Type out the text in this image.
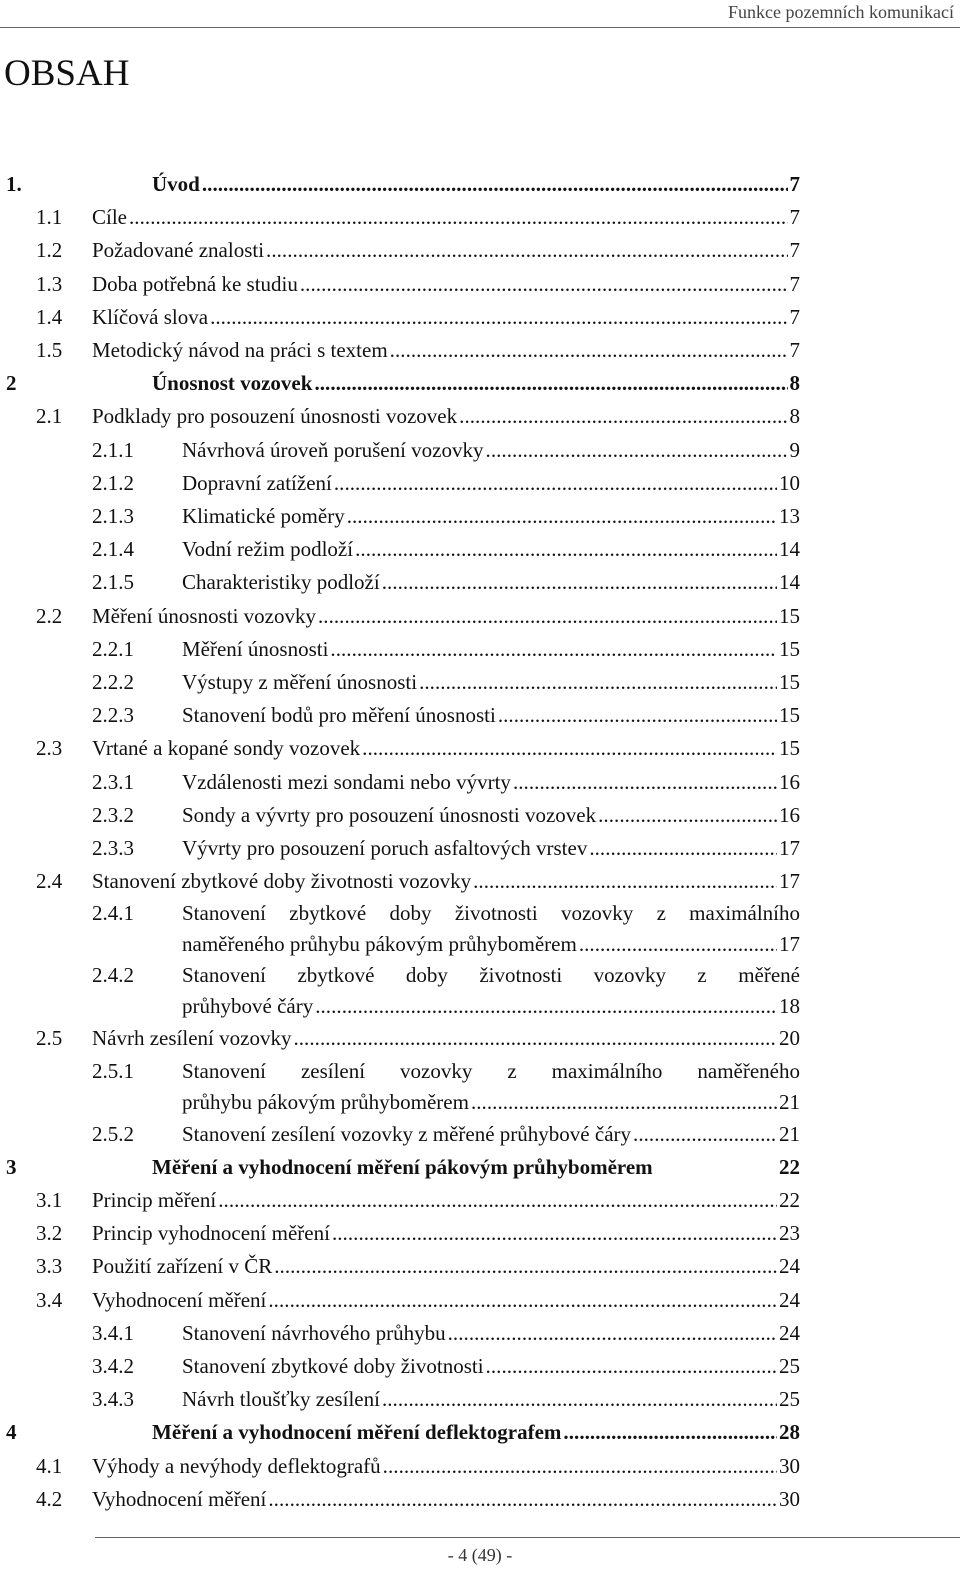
Funkce pozemních komunikací
OBSAH
1.	Úvod . . .	7
1.1 Cíle . . .	7
1.2 Požadované znalosti . . .	7
1.3 Doba potřebná ke studiu . . .	7
1.4 Klíčová slova . . .	7
1.5 Metodický návod na práci s textem . . .	7
2	Únosnost vozovek . . .	8
2.1 Podklady pro posouzení únosnosti vozovek . . .	8
2.1.1 Návrhová úroveň porušení vozovky . . .	9
2.1.2 Dopravní zatížení . . .	10
2.1.3 Klimatické poměry . . .	13
2.1.4 Vodní režim podloží . . .	14
2.1.5 Charakteristiky podloží . . .	14
2.2 Měření únosnosti vozovky . . .	15
2.2.1 Měření únosnosti . . .	15
2.2.2 Výstupy z měření únosnosti . . .	15
2.2.3 Stanovení bodů pro měření únosnosti . . .	15
2.3 Vrtané a kopané sondy vozovek . . .	15
2.3.1 Vzdálenosti mezi sondami nebo vývrty . . .	16
2.3.2 Sondy a vývrty pro posouzení únosnosti vozovek . . .	16
2.3.3 Vývrty pro posouzení poruch asfaltových vrstev . . .	17
2.4 Stanovení zbytkové doby životnosti vozovky . . .	17
2.4.1 Stanovení zbytkové doby životnosti vozovky z maximálního
naměřeného průhybu pákovým průhyboměrem . . .	17
2.4.2 Stanovení zbytkové doby životnosti vozovky z měřené
průhybové čáry . . .	18
2.5 Návrh zesílení vozovky . . .	20
2.5.1 Stanovení zesílení vozovky z maximálního naměřeného
průhybu pákovým průhyboměrem . . .	21
2.5.2 Stanovení zesílení vozovky z měřené průhybové čáry . . .	21
3	Měření a vyhodnocení měření pákovým průhyboměrem	22
3.1 Princip měření . . .	22
3.2 Princip vyhodnocení měření . . .	23
3.3 Použití zařízení v ČR . . .	24
3.4 Vyhodnocení měření . . .	24
3.4.1 Stanovení návrhového průhybu . . .	24
3.4.2 Stanovení zbytkové doby životnosti . . .	25
3.4.3 Návrh tloušťky zesílení . . .	25
4	Měření a vyhodnocení měření deflektografem . . .	28
4.1 Výhody a nevýhody deflektografů . . .	30
4.2 Vyhodnocení měření . . .	30
- 4 (49) -
